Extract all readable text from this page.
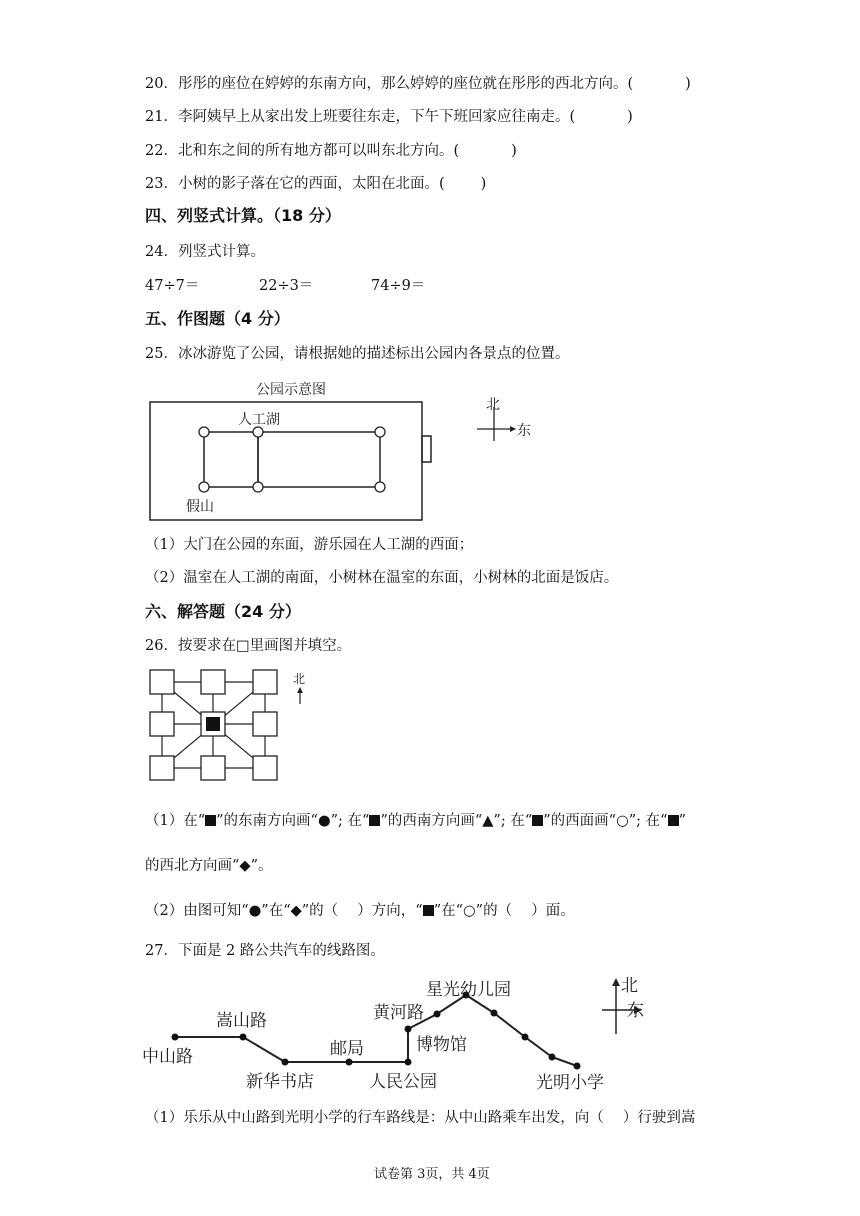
20．彤彤的座位在婷婷的东南方向，那么婷婷的座位就在彤彤的西北方向。(	)
21．李阿姨早上从家出发上班要往东走，下午下班回家应往南走。(	)
22．北和东之间的所有地方都可以叫东北方向。(	)
23．小树的影子落在它的西面，太阳在北面。( )
四、列竖式计算。（18 分）
24．列竖式计算。
47÷7＝	22÷3＝	74÷9＝
五、作图题（4 分）
25．冰冰游览了公园，请根据她的描述标出公园内各景点的位置。
公园示意图
人工湖
假山
北
东
（1）大门在公园的东面，游乐园在人工湖的西面；
（2）温室在人工湖的南面，小树林在温室的东面，小树林的北面是饭店。
六、解答题（24 分）
26．按要求在□里画图并填空。
北
（1）在“ ”的东南方向画“●”; 在“ ”的西南方向画“▲”; 在“ ”的西面画“○”; 在“ ”
的西北方向画“◆”。
（2）由图可知“●”在“◆”的（　 ）方向，“ ”在“○”的（　 ）面。
27．下面是 2 路公共汽车的线路图。
中山路
嵩山路
新华书店
邮局
人民公园
黄河路
博物馆
星光幼儿园
光明小学
北
东
（1）乐乐从中山路到光明小学的行车路线是：从中山路乘车出发，向（　 ）行驶到嵩
试卷第 3页，共 4页
